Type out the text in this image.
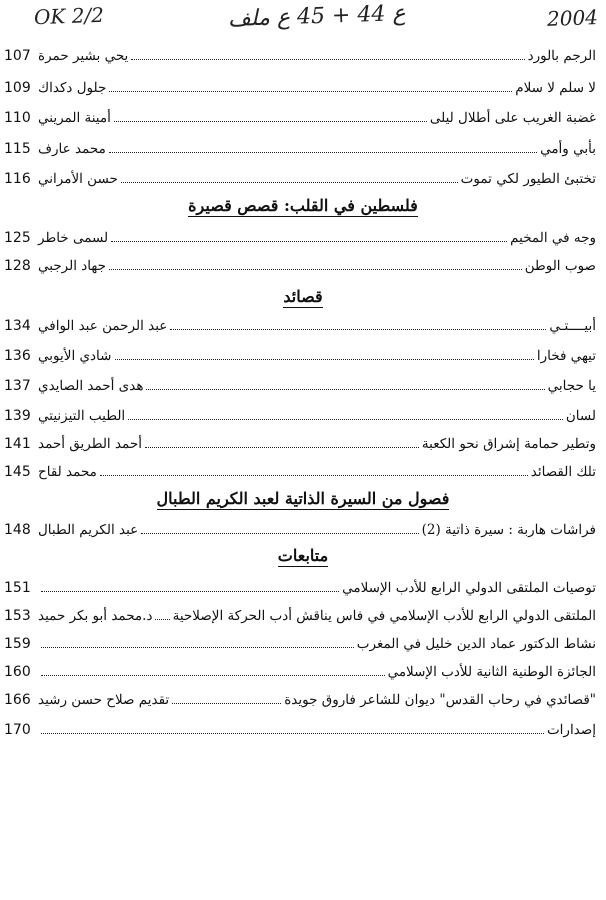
OK 2/2	ع 44 + 45 ع ملف	2004
الرجم بالورد
يحي بشير حمرة
107
لا سلم لا سلام
جلول دكداك
109
غضبة الغريب على أطلال ليلى
أمينة المريني
110
بأبي وأمي
محمد عارف
115
تختبئ الطيور لكي تموت
حسن الأمراني
116
فلسطين في القلب: قصص قصيرة
وجه في المخيم
لسمى خاطر
125
صوب الوطن
جهاد الرجبي
128
قصائد
أبيــــتـي
عبد الرحمن عبد الوافي
134
تيهي فخارا
شادي الأيوبي
136
يا حجابي
هدى أحمد الصايدي
137
لسان
الطيب التيزنيتي
139
وتطير حمامة إشراق نحو الكعبة
أحمد الطريق أحمد
141
تلك القصائد
محمد لقاح
145
فصول من السيرة الذاتية لعبد الكريم الطبال
فراشات هاربة : سيرة ذاتية (2)
عبد الكريم الطبال
148
متابعات
توصيات الملتقى الدولي الرابع للأدب الإسلامي
151
الملتقى الدولي الرابع للأدب الإسلامي في فاس يناقش أدب الحركة الإصلاحية
د.محمد أبو بكر حميد
153
نشاط الدكتور عماد الدين خليل في المغرب
159
الجائزة الوطنية الثانية للأدب الإسلامي
160
"قصائدي في رحاب القدس" ديوان للشاعر فاروق جويدة
تقديم صلاح حسن رشيد
166
إصدارات
170
